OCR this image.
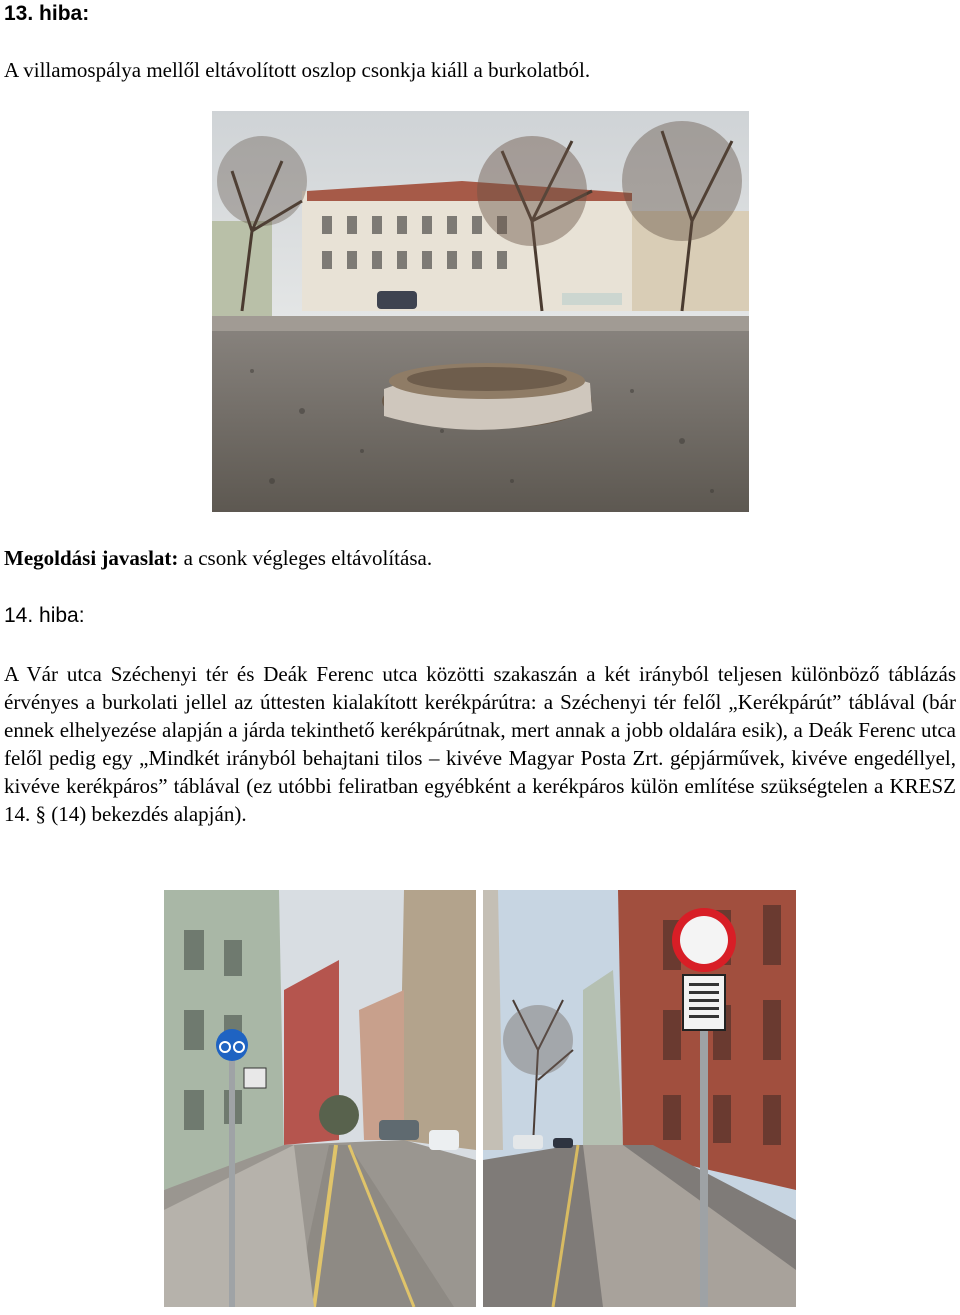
13. hiba:

A villamospálya mellől eltávolított oszlop csonkja kiáll a burkolatból.

Megoldási javaslat: a csonk végleges eltávolítása.

14. hiba:

A Vár utca Széchenyi tér és Deák Ferenc utca közötti szakaszán a két irányból teljesen különböző táblázás érvényes a burkolati jellel az úttesten kialakított kerékpárútra: a Széchenyi tér felől „Kerékpárút” táblával (bár ennek elhelyezése alapján a járda tekinthető kerékpárútnak, mert annak a jobb oldalára esik), a Deák Ferenc utca felől pedig egy „Mindkét irányból behajtani tilos – kivéve Magyar Posta Zrt. gépjárművek, kivéve engedéllyel, kivéve kerékpáros” táblával (ez utóbbi feliratban egyébként a kerékpáros külön említése szükségtelen a KRESZ 14. § (14) bekezdés alapján).
